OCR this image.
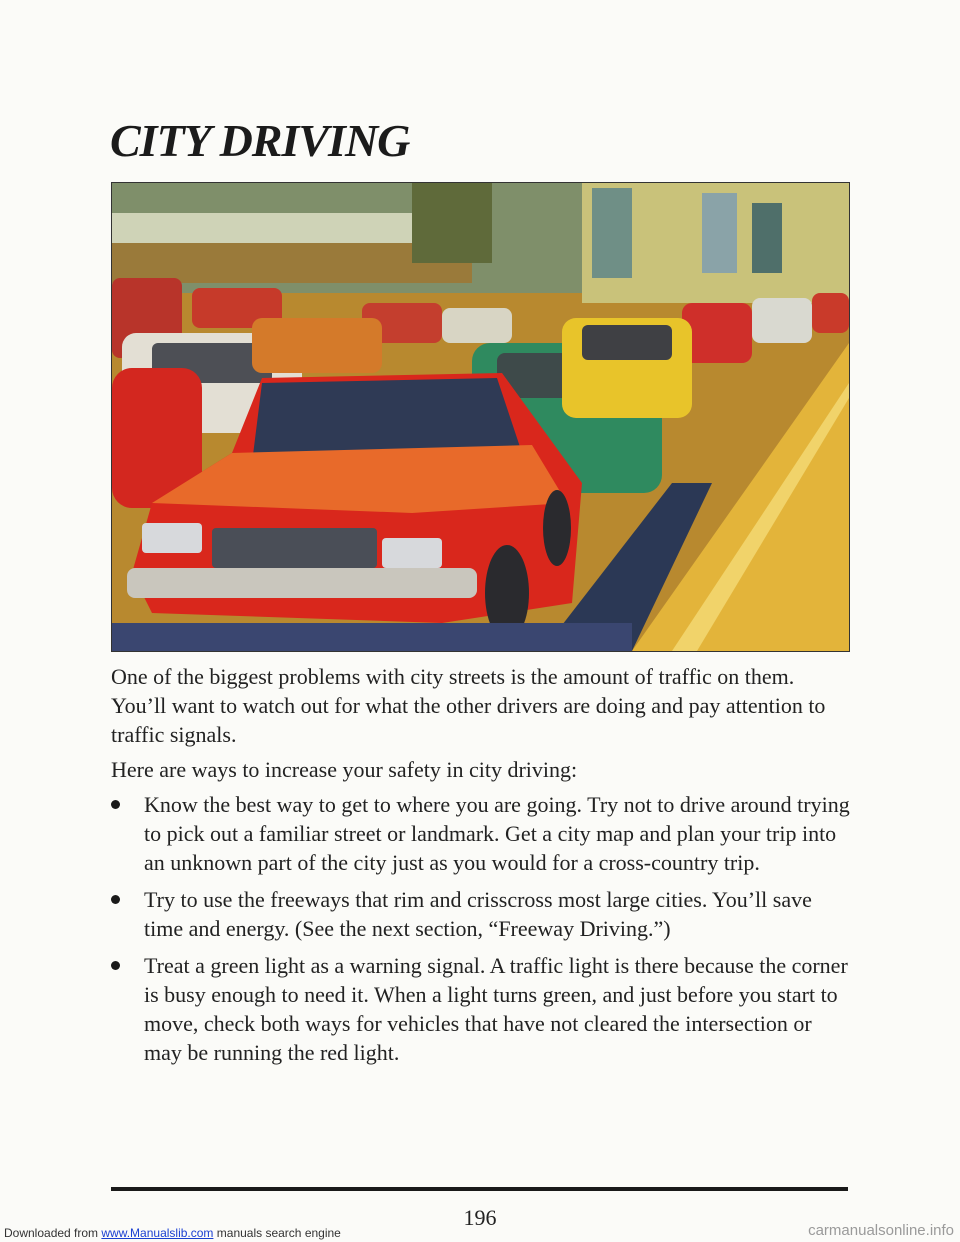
CITY DRIVING

One of the biggest problems with city streets is the amount of traffic on them. You’ll want to watch out for what the other drivers are doing and pay attention to traffic signals.

Here are ways to increase your safety in city driving:

Know the best way to get to where you are going. Try not to drive around trying to pick out a familiar street or landmark. Get a city map and plan your trip into an unknown part of the city just as you would for a cross-country trip.
Try to use the freeways that rim and crisscross most large cities. You’ll save time and energy. (See the next section, “Freeway Driving.”)
Treat a green light as a warning signal. A traffic light is there because the corner is busy enough to need it. When a light turns green, and just before you start to move, check both ways for vehicles that have not cleared the intersection or may be running the red light.
196
Downloaded from www.Manualslib.com manuals search engine	carmanualsonline.info
